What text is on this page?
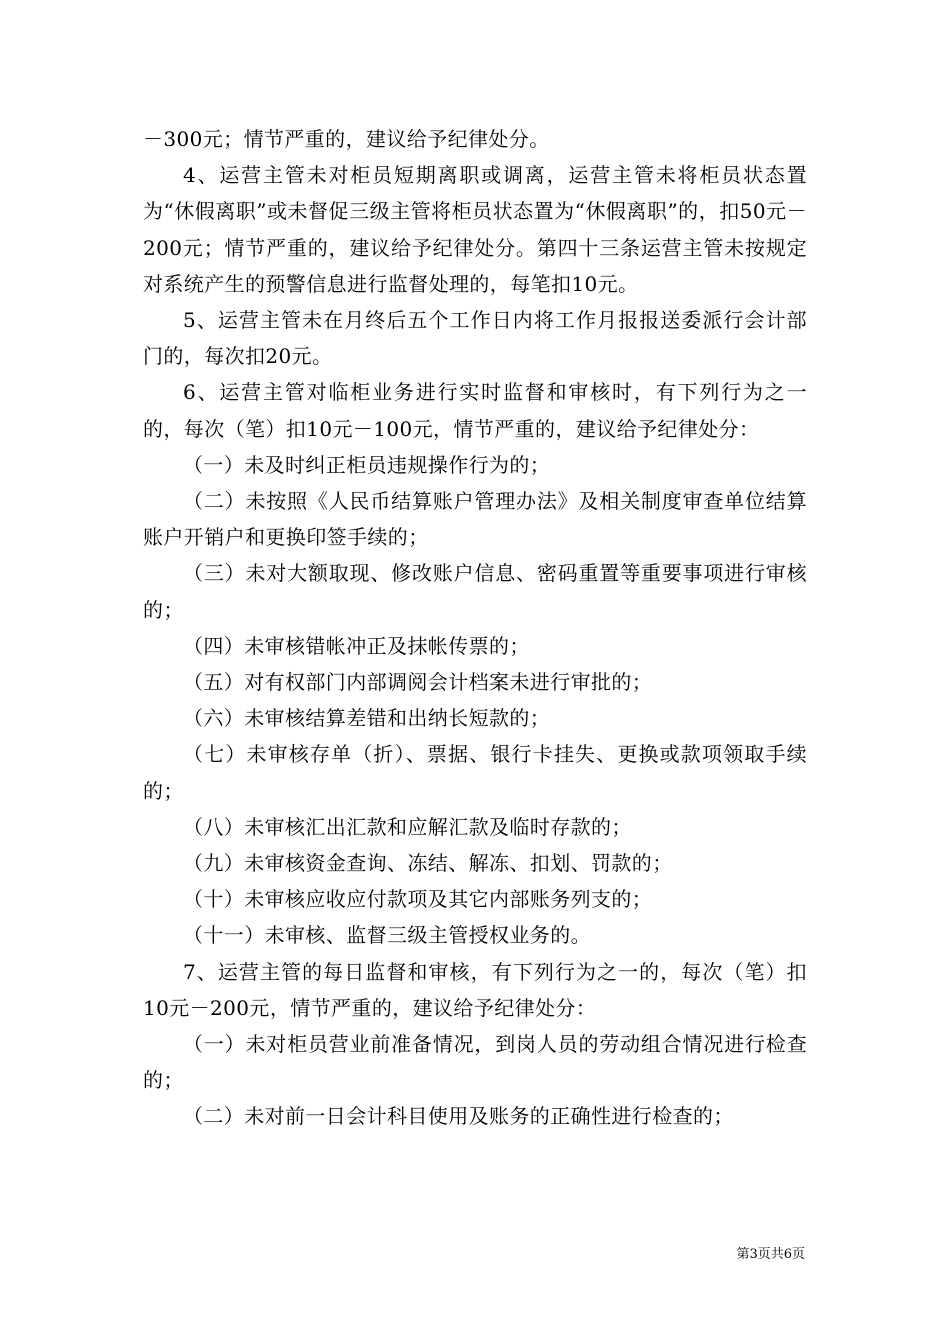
－300元；情节严重的，建议给予纪律处分。

4、运营主管未对柜员短期离职或调离，运营主管未将柜员状态置为“休假离职”或未督促三级主管将柜员状态置为“休假离职”的，扣50元－200元；情节严重的，建议给予纪律处分。第四十三条运营主管未按规定对系统产生的预警信息进行监督处理的，每笔扣10元。

5、运营主管未在月终后五个工作日内将工作月报报送委派行会计部门的，每次扣20元。

6、运营主管对临柜业务进行实时监督和审核时，有下列行为之一的，每次（笔）扣10元－100元，情节严重的，建议给予纪律处分：

（一）未及时纠正柜员违规操作行为的；

（二）未按照《人民币结算账户管理办法》及相关制度审查单位结算账户开销户和更换印签手续的；

（三）未对大额取现、修改账户信息、密码重置等重要事项进行审核的；

（四）未审核错帐冲正及抹帐传票的；

（五）对有权部门内部调阅会计档案未进行审批的；

（六）未审核结算差错和出纳长短款的；

（七）未审核存单（折）、票据、银行卡挂失、更换或款项领取手续的；

（八）未审核汇出汇款和应解汇款及临时存款的；

（九）未审核资金查询、冻结、解冻、扣划、罚款的；

（十）未审核应收应付款项及其它内部账务列支的；

（十一）未审核、监督三级主管授权业务的。

7、运营主管的每日监督和审核，有下列行为之一的，每次（笔）扣10元－200元，情节严重的，建议给予纪律处分：

（一）未对柜员营业前准备情况，到岗人员的劳动组合情况进行检查的；

（二）未对前一日会计科目使用及账务的正确性进行检查的；

第3页共6页
